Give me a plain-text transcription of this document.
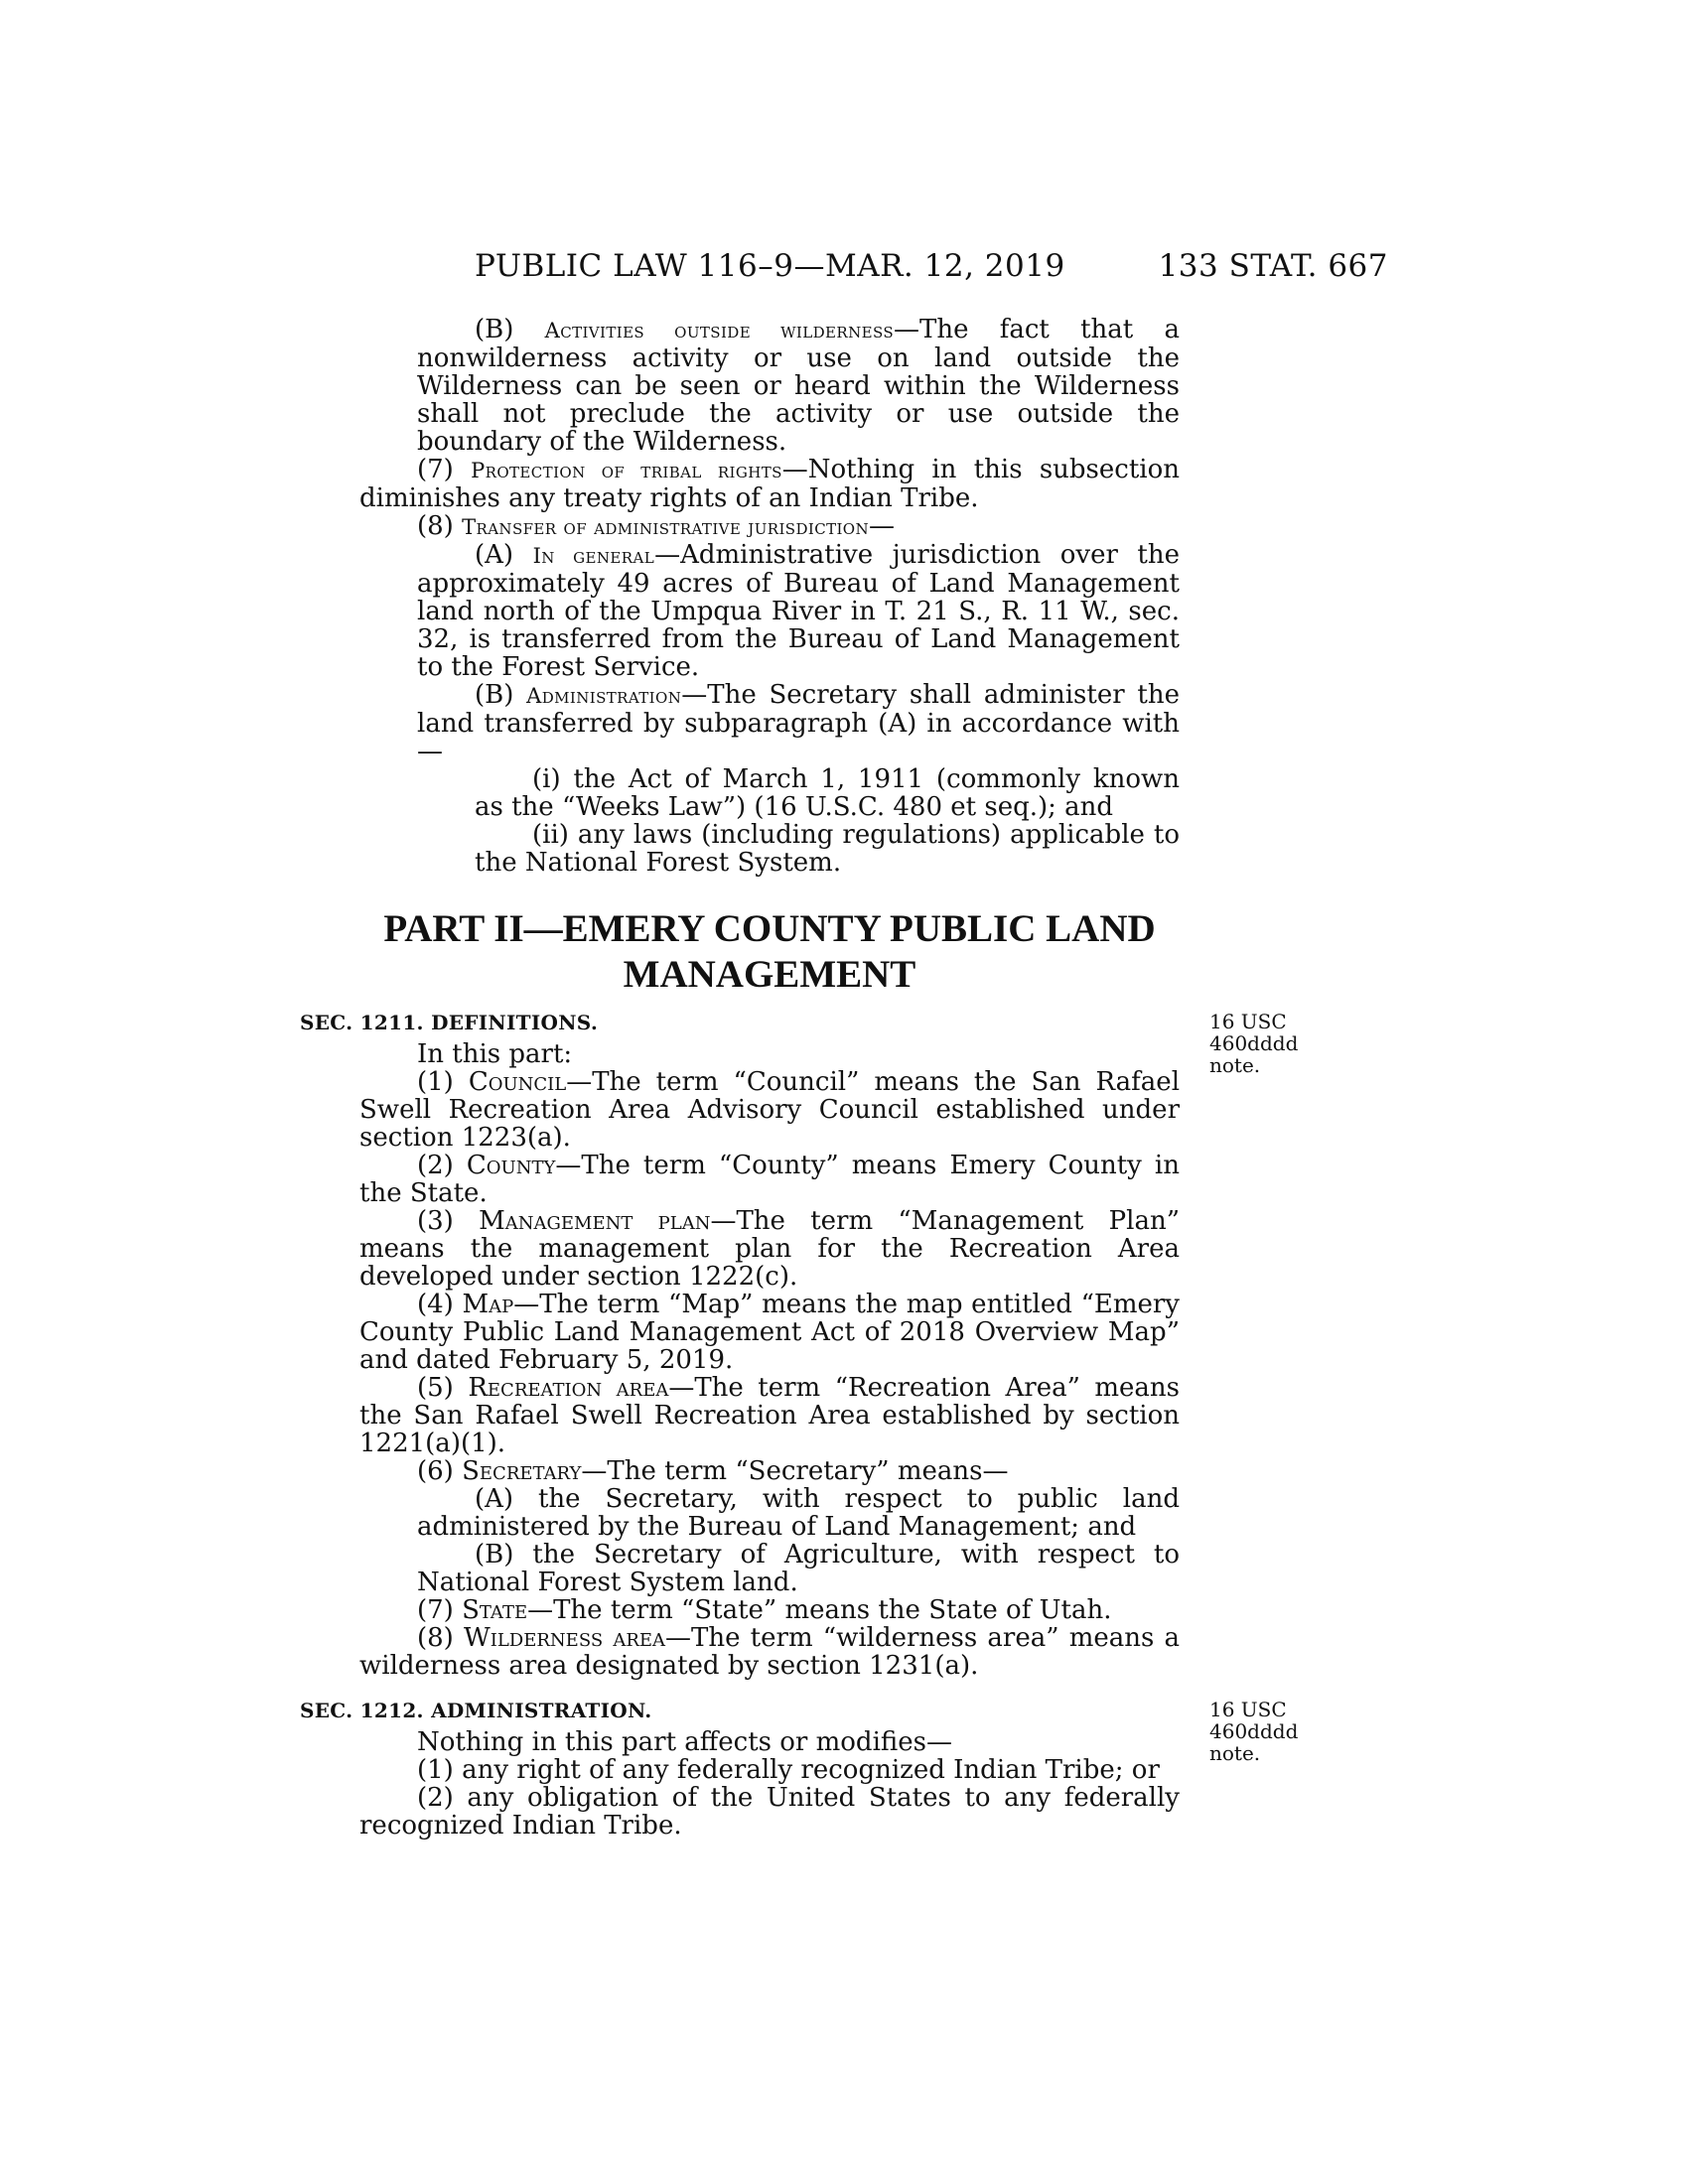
PUBLIC LAW 116–9—MAR. 12, 2019	133 STAT. 667

(B) Activities outside wilderness—The fact that a nonwilderness activity or use on land outside the Wilderness can be seen or heard within the Wilderness shall not preclude the activity or use outside the boundary of the Wilderness.

(7) Protection of tribal rights—Nothing in this subsection diminishes any treaty rights of an Indian Tribe.

(8) Transfer of administrative jurisdiction—

(A) In general—Administrative jurisdiction over the approximately 49 acres of Bureau of Land Management land north of the Umpqua River in T. 21 S., R. 11 W., sec. 32, is transferred from the Bureau of Land Management to the Forest Service.

(B) Administration—The Secretary shall administer the land transferred by subparagraph (A) in accordance with—

(i) the Act of March 1, 1911 (commonly known as the “Weeks Law”) (16 U.S.C. 480 et seq.); and

(ii) any laws (including regulations) applicable to the National Forest System.

PART II—EMERY COUNTY PUBLIC LAND MANAGEMENT

SEC. 1211. DEFINITIONS.	16 USC 460dddd
note.

In this part:

(1) Council—The term “Council” means the San Rafael Swell Recreation Area Advisory Council established under section 1223(a).

(2) County—The term “County” means Emery County in the State.

(3) Management plan—The term “Management Plan” means the management plan for the Recreation Area developed under section 1222(c).

(4) Map—The term “Map” means the map entitled “Emery County Public Land Management Act of 2018 Overview Map” and dated February 5, 2019.

(5) Recreation area—The term “Recreation Area” means the San Rafael Swell Recreation Area established by section 1221(a)(1).

(6) Secretary—The term “Secretary” means—

(A) the Secretary, with respect to public land administered by the Bureau of Land Management; and

(B) the Secretary of Agriculture, with respect to National Forest System land.

(7) State—The term “State” means the State of Utah.

(8) Wilderness area—The term “wilderness area” means a wilderness area designated by section 1231(a).

SEC. 1212. ADMINISTRATION.	16 USC 460dddd
note.

Nothing in this part affects or modifies—

(1) any right of any federally recognized Indian Tribe; or

(2) any obligation of the United States to any federally recognized Indian Tribe.
